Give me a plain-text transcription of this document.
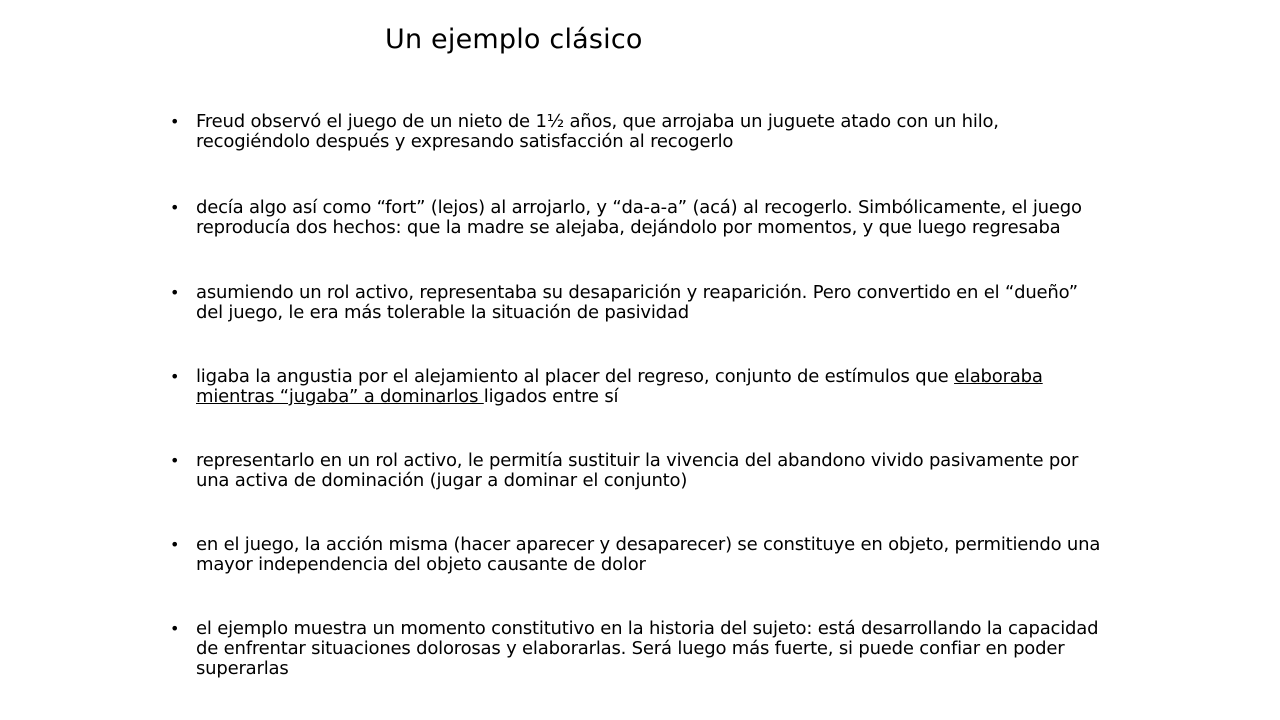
Un ejemplo clásico
• Freud observó el juego de un nieto de 1½ años, que arrojaba un juguete atado con un hilo, recogiéndolo después y expresando satisfacción al recogerlo
• decía algo así como “fort” (lejos) al arrojarlo, y “da-a-a” (acá) al recogerlo. Simbólicamente, el juego reproducía dos hechos: que la madre se alejaba, dejándolo por momentos, y que luego regresaba
• asumiendo un rol activo, representaba su desaparición y reaparición. Pero convertido en el “dueño” del juego, le era más tolerable la situación de pasividad
• ligaba la angustia por el alejamiento al placer del regreso, conjunto de estímulos que elaboraba mientras “jugaba” a dominarlos ligados entre sí
• representarlo en un rol activo, le permitía sustituir la vivencia del abandono vivido pasivamente por una activa de dominación (jugar a dominar el conjunto)
• en el juego, la acción misma (hacer aparecer y desaparecer) se constituye en objeto, permitiendo una mayor independencia del objeto causante de dolor
• el ejemplo muestra un momento constitutivo en la historia del sujeto: está desarrollando la capacidad de enfrentar situaciones dolorosas y elaborarlas. Será luego más fuerte, si puede confiar en poder superarlas
